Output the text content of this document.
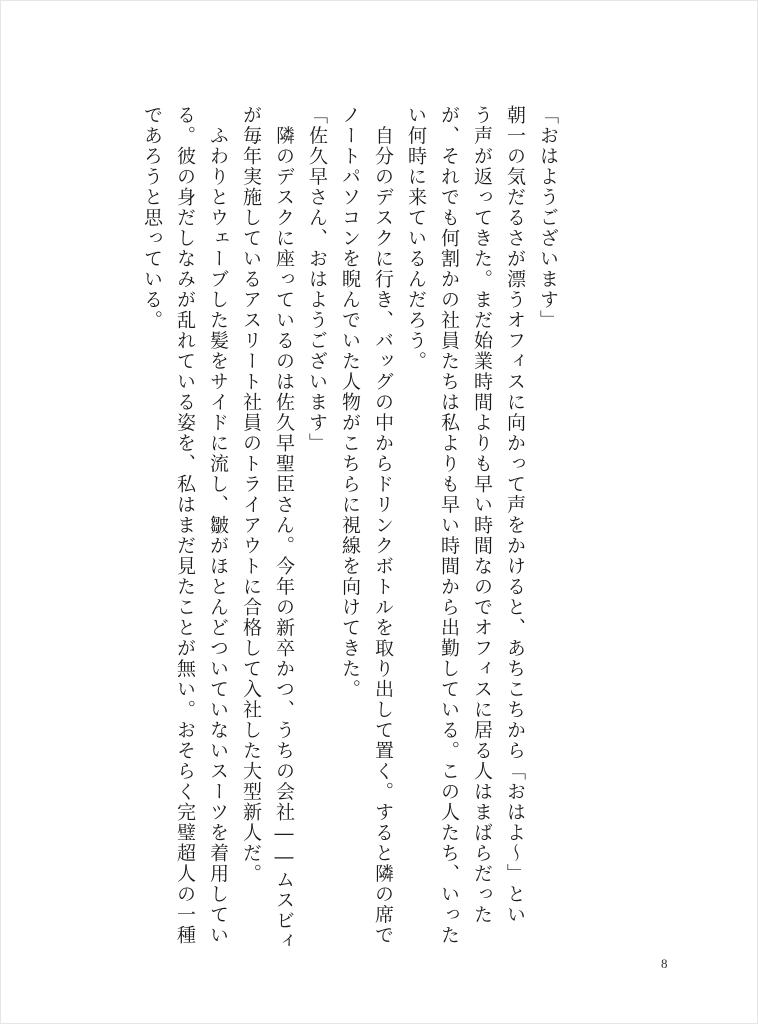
「おはようございます」
朝一の気だるさが漂うオフィスに向かって声をかけると、あちこちから「おはよ～」とい
う声が返ってきた。まだ始業時間よりも早い時間なのでオフィスに居る人はまばらだった
が、それでも何割かの社員たちは私よりも早い時間から出勤している。この人たち、いった
い何時に来ているんだろう。
　自分のデスクに行き、バッグの中からドリンクボトルを取り出して置く。すると隣の席で
ノートパソコンを睨んでいた人物がこちらに視線を向けてきた。
「佐久早さん、おはようございます」
　隣のデスクに座っているのは佐久早聖臣さん。今年の新卒かつ、うちの会社――ムスビィ
が毎年実施しているアスリート社員のトライアウトに合格して入社した大型新人だ。
　ふわりとウェーブした髪をサイドに流し、皺がほとんどついていないスーツを着用してい
る。彼の身だしなみが乱れている姿を、私はまだ見たことが無い。おそらく完璧超人の一種
であろうと思っている。
8
